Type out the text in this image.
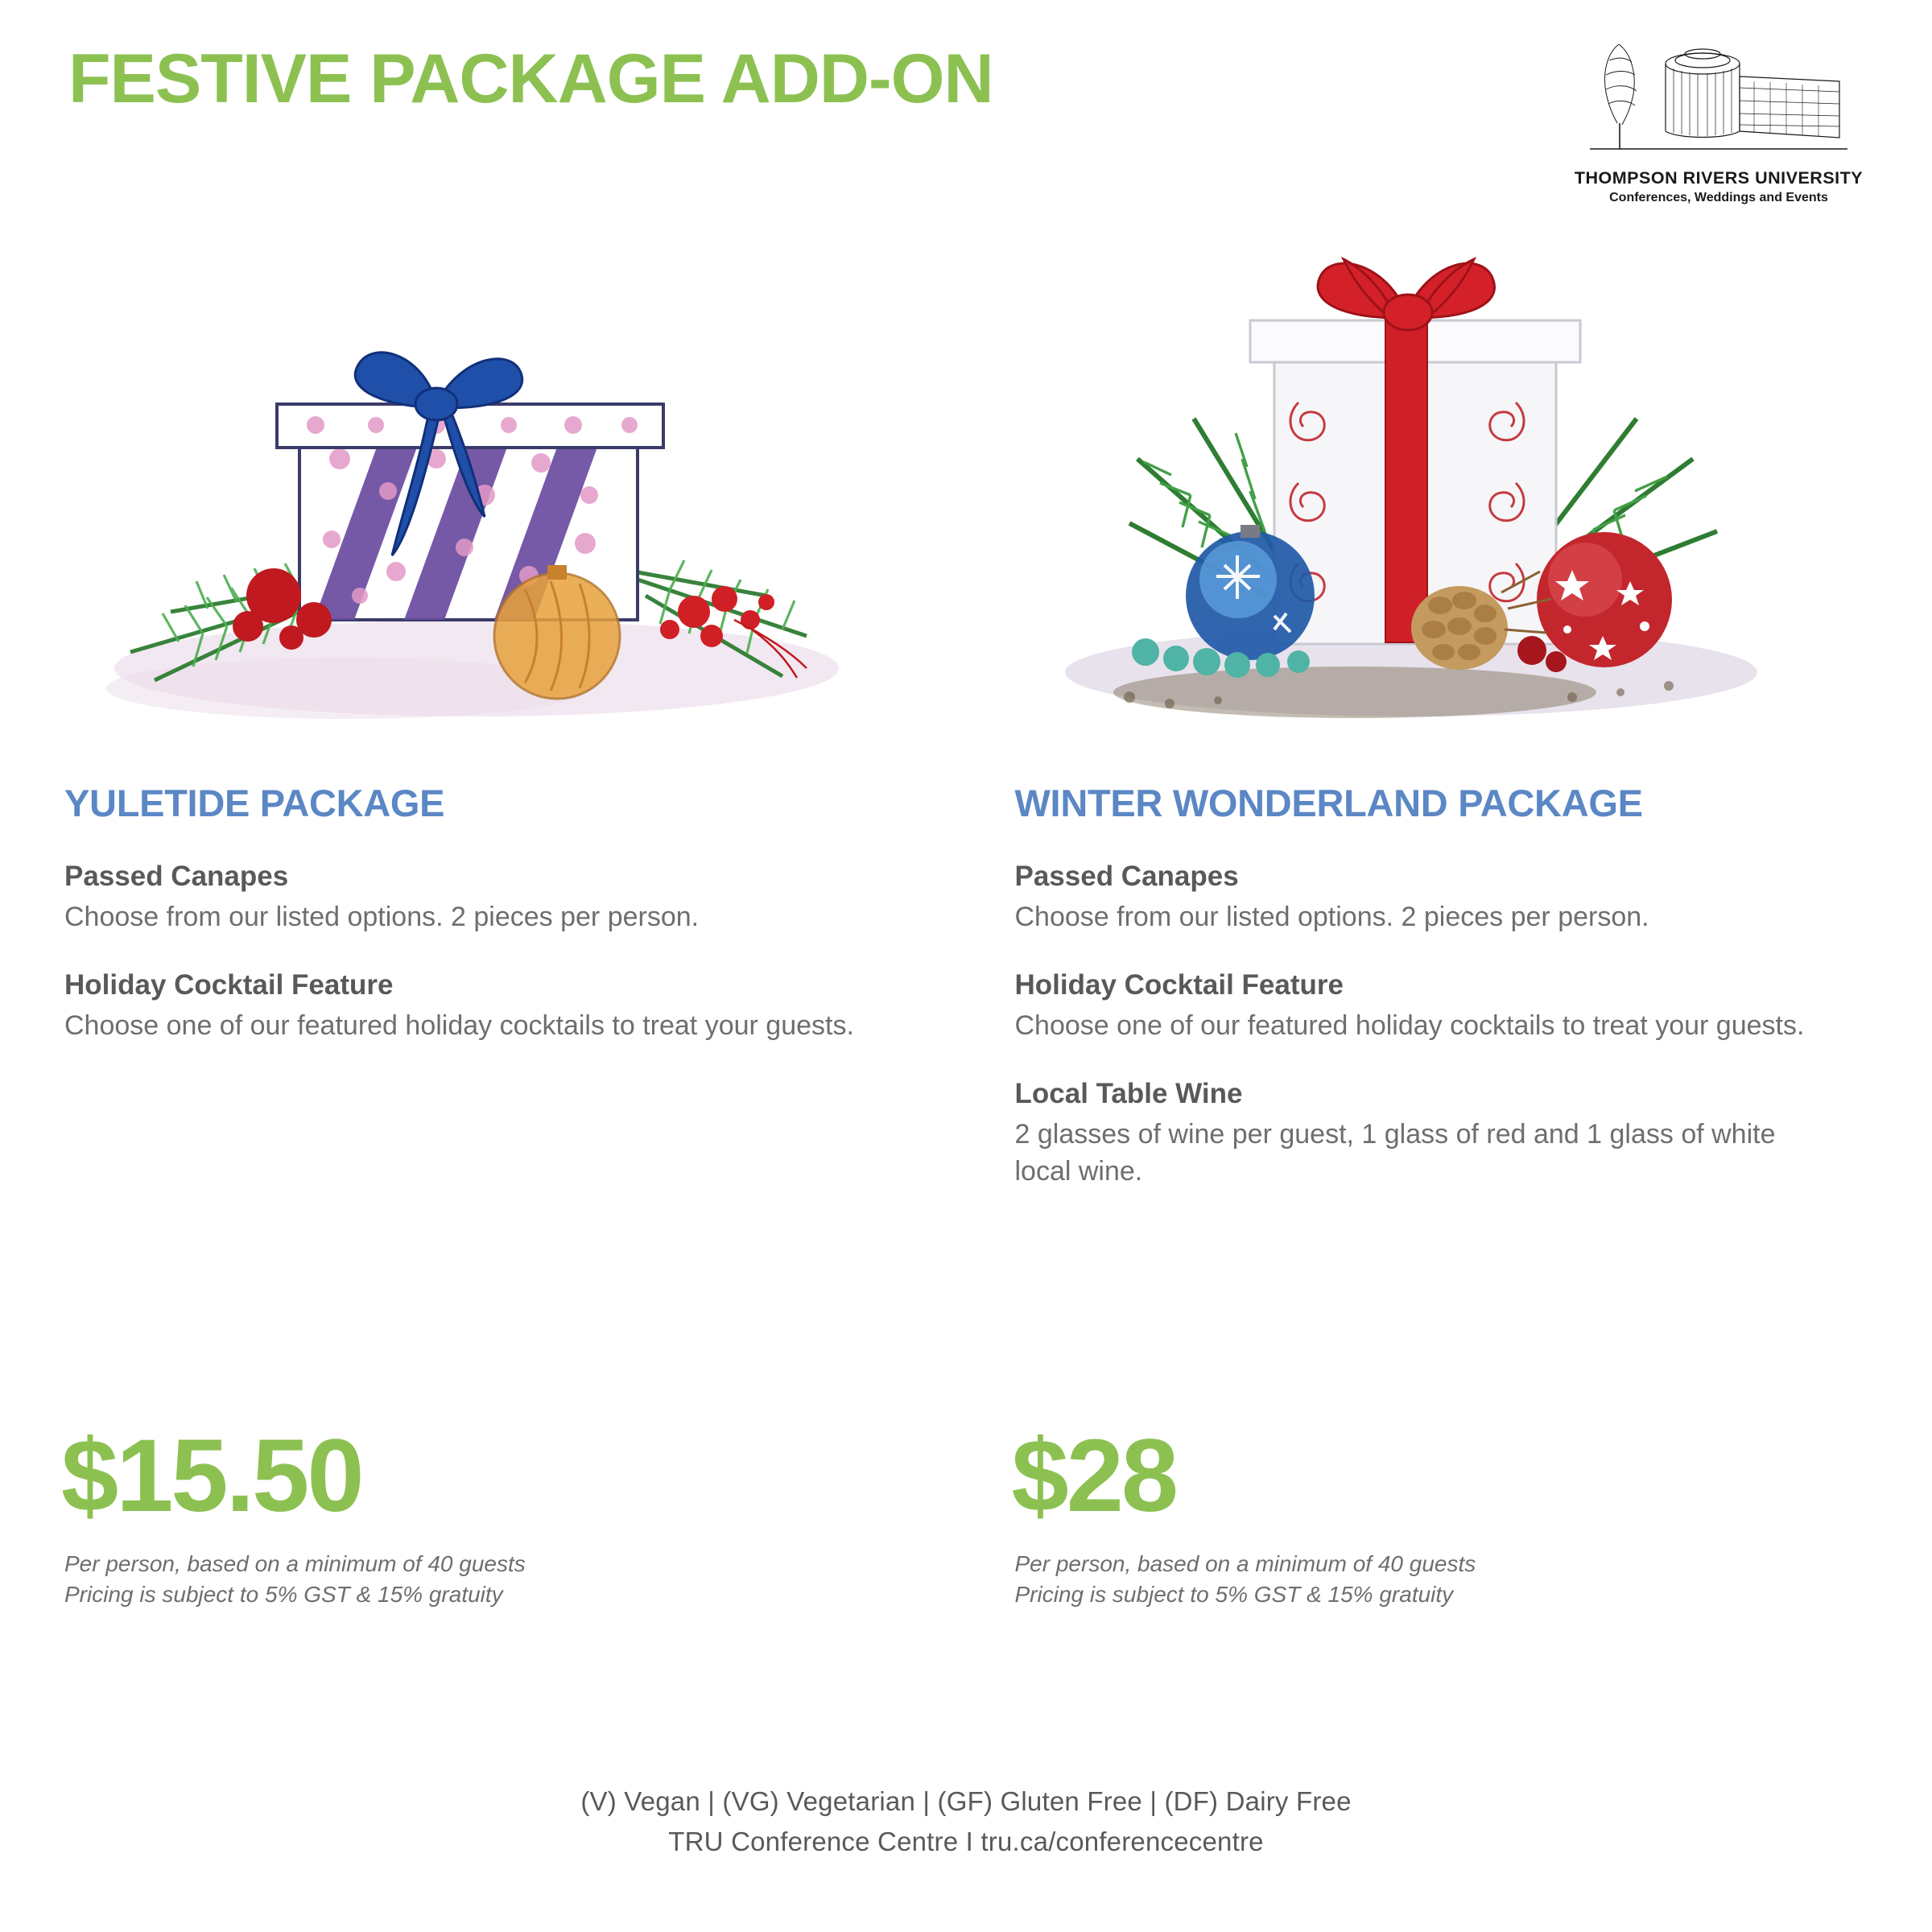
FESTIVE PACKAGE ADD-ON
THOMPSON RIVERS UNIVERSITY
Conferences, Weddings and Events
YULETIDE PACKAGE
Passed Canapes
Choose from our listed options. 2 pieces per person.
Holiday Cocktail Feature
Choose one of our featured holiday cocktails to treat your guests.
$15.50
Per person, based on a minimum of 40 guests
Pricing is subject to 5% GST & 15% gratuity
WINTER WONDERLAND PACKAGE
Passed Canapes
Choose from our listed options. 2 pieces per person.
Holiday Cocktail Feature
Choose one of our featured holiday cocktails to treat your guests.
Local Table Wine
2 glasses of wine per guest, 1 glass of red and 1 glass of white local wine.
$28
Per person, based on a minimum of 40 guests
Pricing is subject to 5% GST & 15% gratuity
(V) Vegan | (VG) Vegetarian | (GF) Gluten Free | (DF) Dairy Free
TRU Conference Centre I tru.ca/conferencecentre
